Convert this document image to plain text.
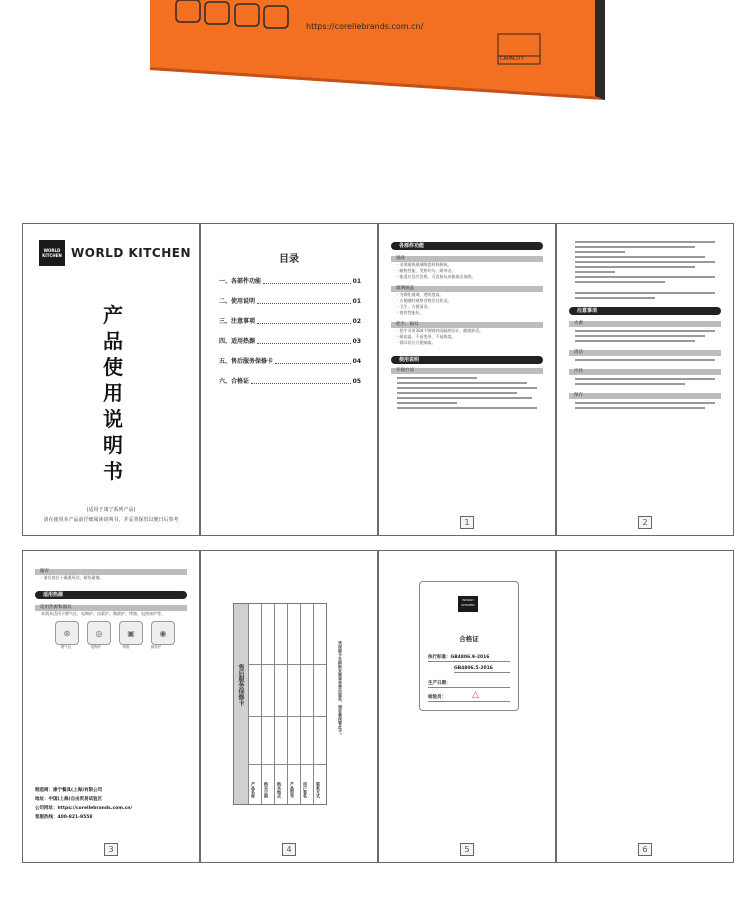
https://corellebrands.com.cn/
CAPACITY
WORLD
KITCHEN WORLD KITCHEN
产
品
使
用
说
明
书
(适用于康宁系列产品)
请在使用本产品前仔细阅读说明书，并妥善保管以便日后参考
目录
一、各部件功能	01
二、使用说明	01
三、注意事项	02
四、适用热源	03
五、售后服务保修卡	04
六、合格证	05
各部件功能
锅身
· 采用耐热玻璃陶瓷材料制成。
· 耐热性能，受热均匀，耐冲击。
· 能适应急冷急热，可直接从冰箱取出加热。
玻璃锅盖
· 为钢化玻璃，透明度高。
· 方便随时观察食物烹饪状况。
· 卫生，方便清洁。
· 密封性能好。
把手、锅耳
· 把手采用304不锈钢材质隔热设计，握感舒适。
· 耐高温，不易变形，不易脱落。
· 锅耳设计方便端取。
使用说明
开锅方法
1
注意事项
火源
清洁
冷热
保存
2
储存
· 请存放在干燥通风处，避免碰撞。
适用热源
适用热源和器具
本锅具适用于燃气灶、电陶炉、卤素炉、微波炉、烤箱、电热丝炉等。
⊛	◎	▣	◉
燃气灶	电陶炉	烤箱	微波炉
制造商：康宁餐具(上海)有限公司
地址：中国(上海)自由贸易试验区
公司网址：https://corellebrands.com.cn/
客服热线：400-821-9558
3
售后服务保修卡
产品名称 购买日期 购买地点 产品型号 用户签名 联系方式
凭保修卡及购物发票享受售后服务，请妥善保管此卡。
4
WORLD
KITCHEN
合格证
执行标准：GB4806.9-2016
GB4806.5-2016
生产日期：
检验员：	△
5	6
